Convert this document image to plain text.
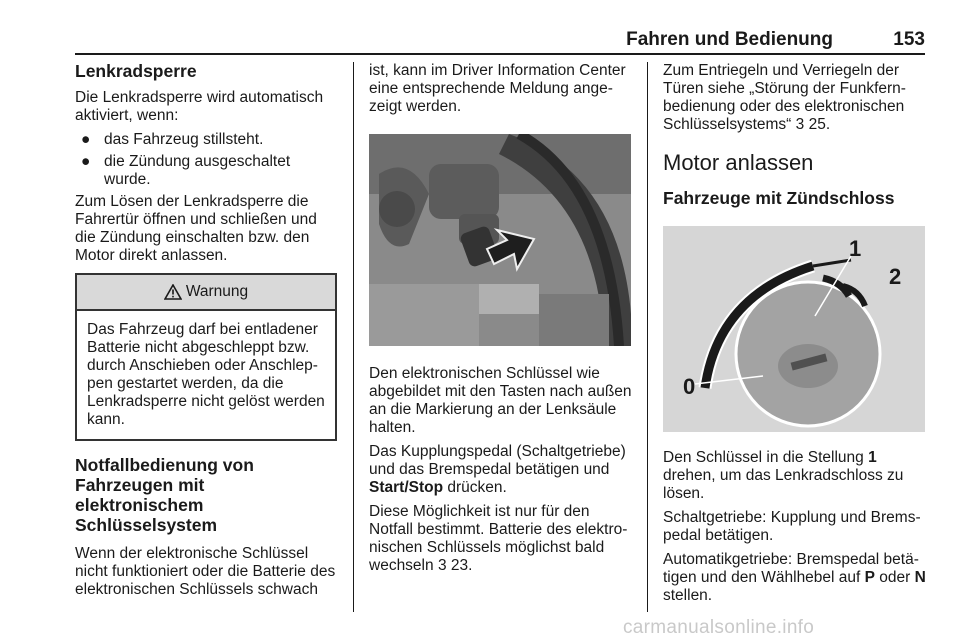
Fahren und Bedienung	153
Lenkradsperre

Die Lenkradsperre wird automatisch aktiviert, wenn:

● das Fahrzeug stillsteht.
● die Zündung ausgeschaltet wurde.

Zum Lösen der Lenkradsperre die Fahrertür öffnen und schließen und die Zündung einschalten bzw. den Motor direkt anlassen.

Warnung
Das Fahrzeug darf bei entladener Batterie nicht abgeschleppt bzw. durch Anschieben oder Anschleppen gestartet werden, da die Lenkradsperre nicht gelöst werden kann.
Notfallbedienung von Fahrzeugen mit elektronischem Schlüsselsystem

Wenn der elektronische Schlüssel nicht funktioniert oder die Batterie des elektronischen Schlüssels schwach

ist, kann im Driver Information Center eine entsprechende Meldung angezeigt werden.

Den elektronischen Schlüssel wie abgebildet mit den Tasten nach außen an die Markierung an der Lenksäule halten.

Das Kupplungspedal (Schaltgetriebe) und das Bremspedal betätigen und Start/Stop drücken.

Diese Möglichkeit ist nur für den Notfall bestimmt. Batterie des elektronischen Schlüssels möglichst bald wechseln 3 23.

Zum Entriegeln und Verriegeln der Türen siehe „Störung der Funkfernbedienung oder des elektronischen Schlüsselsystems“ 3 25.

Motor anlassen
Fahrzeuge mit Zündschloss
1
2
0

Den Schlüssel in die Stellung 1 drehen, um das Lenkradschloss zu lösen.

Schaltgetriebe: Kupplung und Bremspedal betätigen.

Automatikgetriebe: Bremspedal betätigen und den Wählhebel auf P oder N stellen.

carmanualsonline.info
